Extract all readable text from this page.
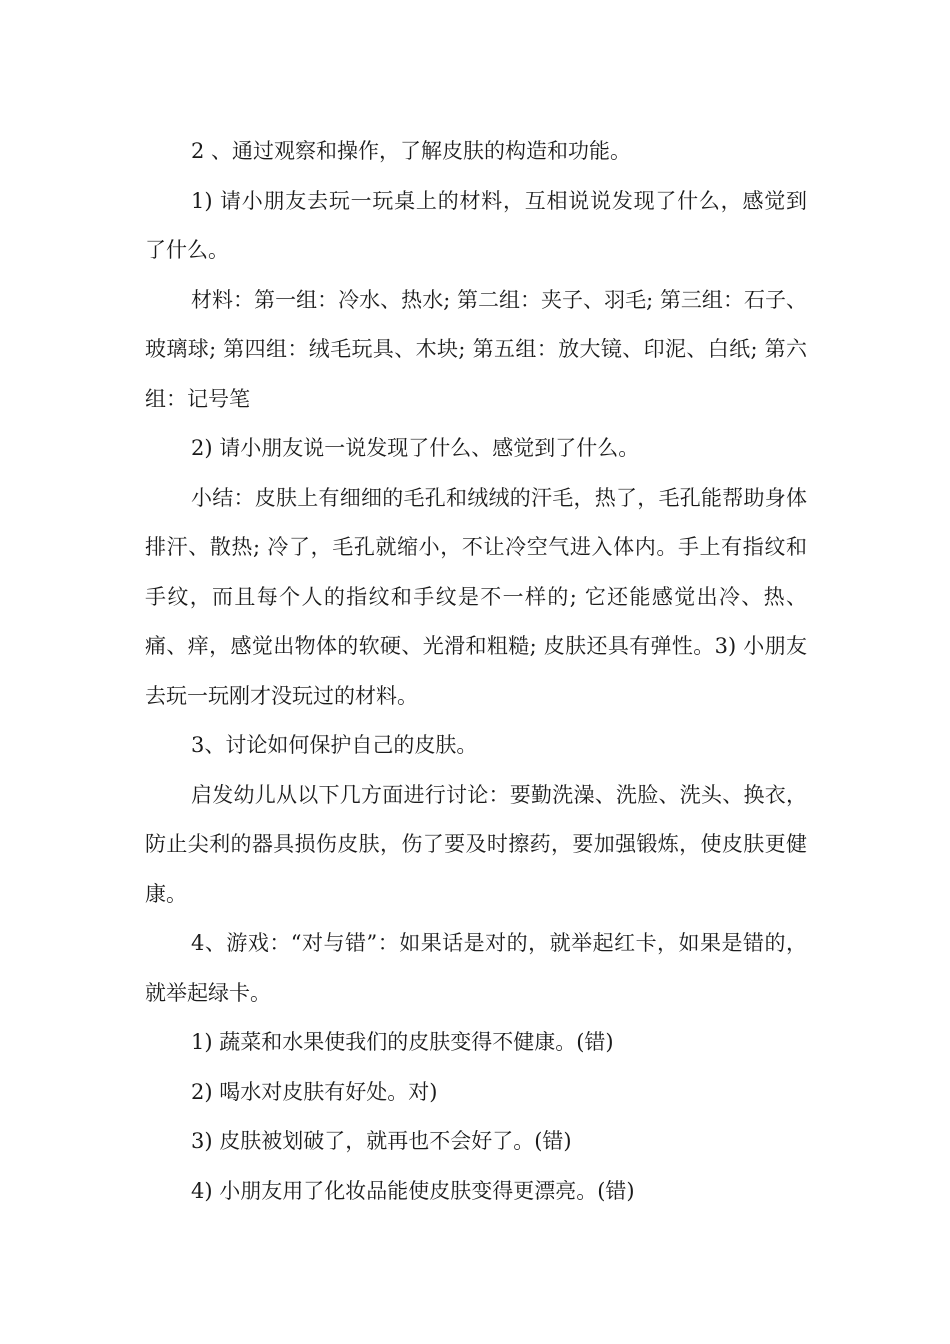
2 、通过观察和操作，了解皮肤的构造和功能。

1) 请小朋友去玩一玩桌上的材料，互相说说发现了什么，感觉到了什么。

材料：第一组：冷水、热水; 第二组：夹子、羽毛; 第三组：石子、玻璃球; 第四组：绒毛玩具、木块; 第五组：放大镜、印泥、白纸; 第六组：记号笔

2) 请小朋友说一说发现了什么、感觉到了什么。

小结：皮肤上有细细的毛孔和绒绒的汗毛，热了，毛孔能帮助身体排汗、散热; 冷了，毛孔就缩小，不让冷空气进入体内。手上有指纹和手纹，而且每个人的指纹和手纹是不一样的; 它还能感觉出冷、热、痛、痒，感觉出物体的软硬、光滑和粗糙; 皮肤还具有弹性。3) 小朋友去玩一玩刚才没玩过的材料。

3、讨论如何保护自己的皮肤。

启发幼儿从以下几方面进行讨论：要勤洗澡、洗脸、洗头、换衣，防止尖利的器具损伤皮肤，伤了要及时擦药，要加强锻炼，使皮肤更健康。

4、游戏：“对与错”：如果话是对的，就举起红卡，如果是错的，就举起绿卡。

1) 蔬菜和水果使我们的皮肤变得不健康。(错)

2) 喝水对皮肤有好处。对)

3) 皮肤被划破了，就再也不会好了。(错)

4) 小朋友用了化妆品能使皮肤变得更漂亮。(错)
